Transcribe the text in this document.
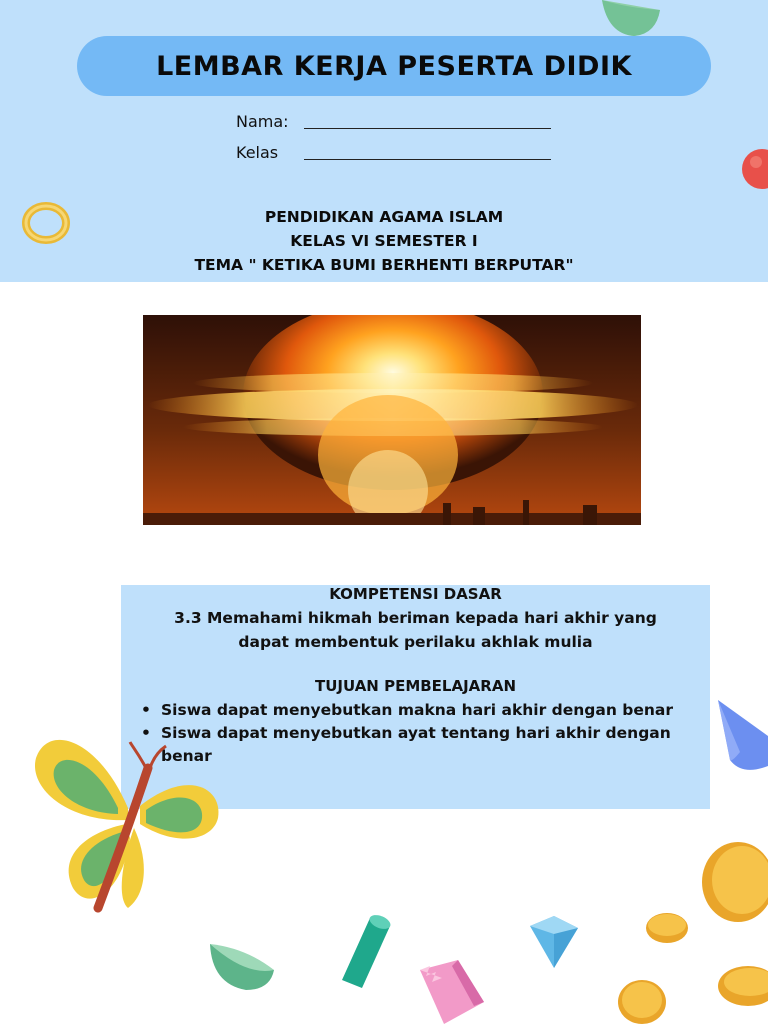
LEMBAR KERJA PESERTA DIDIK
Nama:
Kelas
PENDIDIKAN AGAMA ISLAM
KELAS VI SEMESTER I
TEMA " KETIKA BUMI BERHENTI BERPUTAR"
KOMPETENSI DASAR
3.3 Memahami hikmah beriman kepada hari akhir yang
dapat membentuk perilaku akhlak mulia
TUJUAN PEMBELAJARAN
• Siswa dapat menyebutkan makna hari akhir dengan benar
• Siswa dapat menyebutkan ayat tentang hari akhir dengan benar
